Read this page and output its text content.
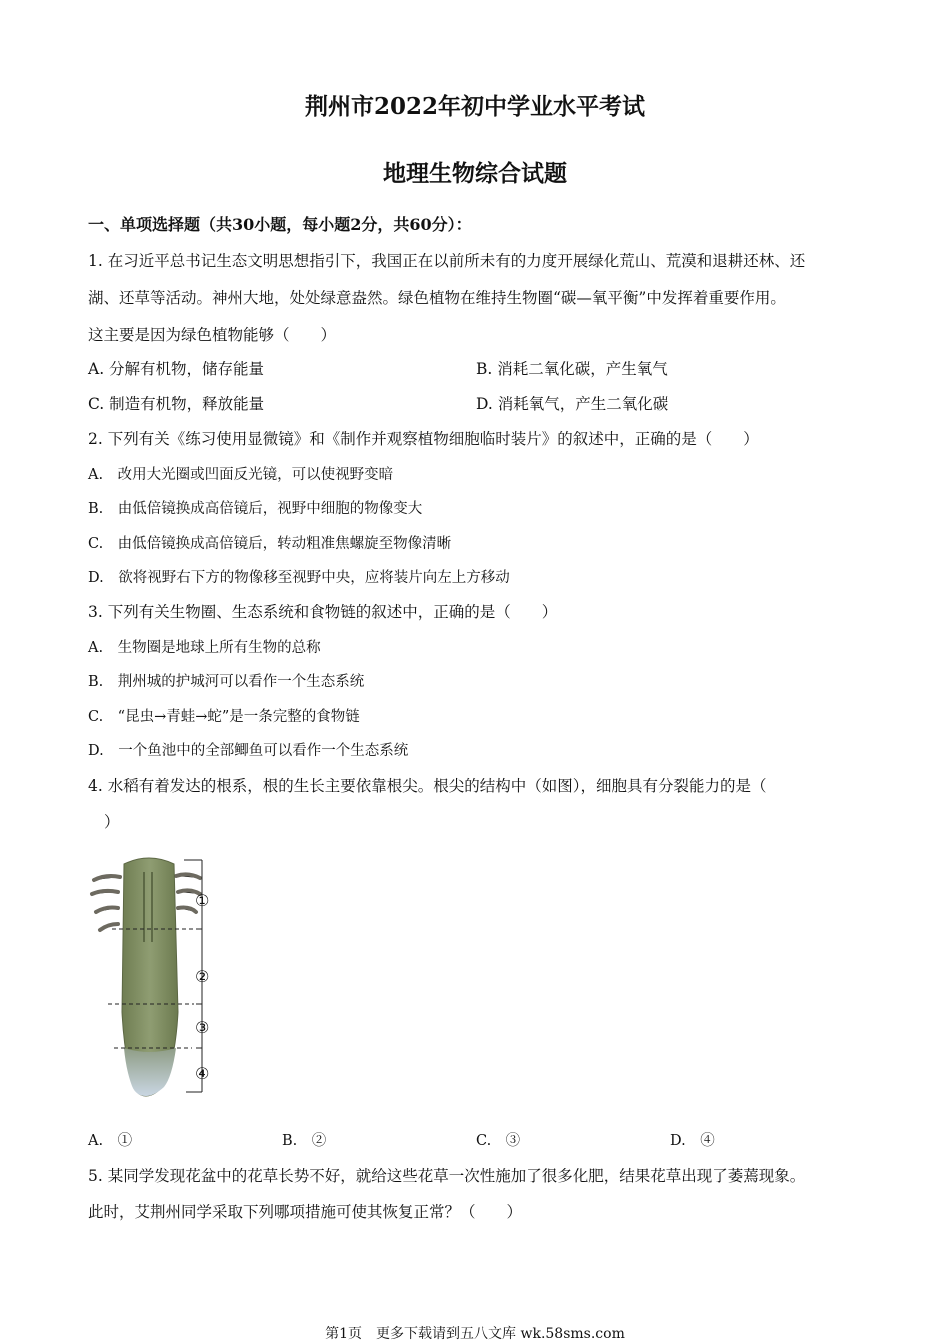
荆州市2022年初中学业水平考试
地理生物综合试题
一、单项选择题（共30小题，每小题2分，共60分）：
1. 在习近平总书记生态文明思想指引下，我国正在以前所未有的力度开展绿化荒山、荒漠和退耕还林、还
湖、还草等活动。神州大地，处处绿意盎然。绿色植物在维持生物圈“碳—氧平衡”中发挥着重要作用。
这主要是因为绿色植物能够（　　）
A. 分解有机物，储存能量	B. 消耗二氧化碳，产生氧气
C. 制造有机物，释放能量	D. 消耗氧气，产生二氧化碳
2. 下列有关《练习使用显微镜》和《制作并观察植物细胞临时装片》的叙述中，正确的是（　　）
A.　改用大光圈或凹面反光镜，可以使视野变暗
B.　由低倍镜换成高倍镜后，视野中细胞的物像变大
C.　由低倍镜换成高倍镜后，转动粗准焦螺旋至物像清晰
D.　欲将视野右下方的物像移至视野中央，应将装片向左上方移动
3. 下列有关生物圈、生态系统和食物链的叙述中，正确的是（　　）
A.　生物圈是地球上所有生物的总称
B.　荆州城的护城河可以看作一个生态系统
C.　“昆虫→青蛙→蛇”是一条完整的食物链
D.　一个鱼池中的全部鲫鱼可以看作一个生态系统
4. 水稻有着发达的根系，根的生长主要依靠根尖。根尖的结构中（如图），细胞具有分裂能力的是（
）
①
②
③
④
A.　①	B.　②	C.　③	D.　④
5. 某同学发现花盆中的花草长势不好，就给这些花草一次性施加了很多化肥，结果花草出现了萎蔫现象。
此时，艾荆州同学采取下列哪项措施可使其恢复正常？（　　）
第1页　更多下载请到五八文库 wk.58sms.com
